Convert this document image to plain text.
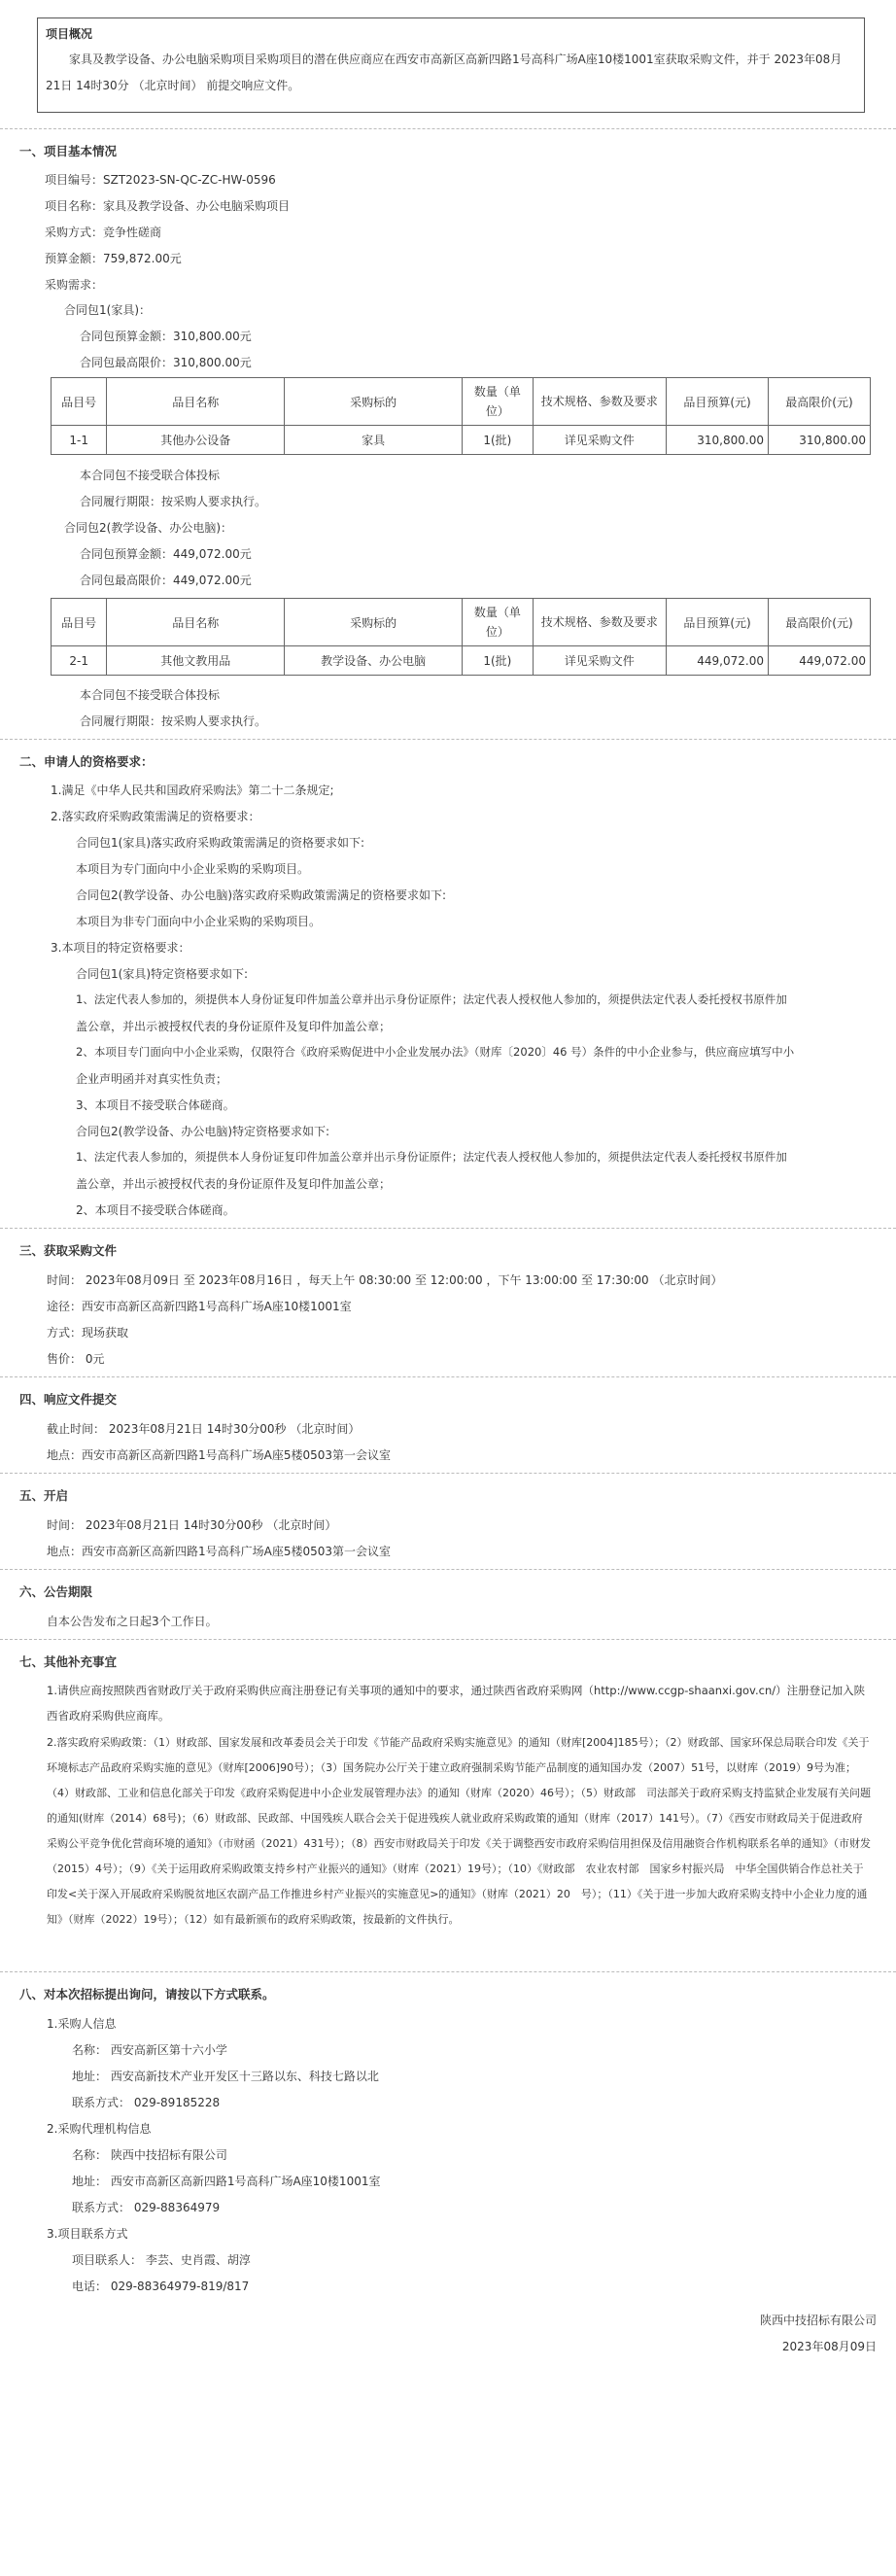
项目概况
家具及教学设备、办公电脑采购项目采购项目的潜在供应商应在西安市高新区高新四路1号高科广场A座10楼1001室获取采购文件，并于 2023年08月21日 14时30分 （北京时间） 前提交响应文件。
一、项目基本情况
项目编号：SZT2023-SN-QC-ZC-HW-0596
项目名称：家具及教学设备、办公电脑采购项目
采购方式：竞争性磋商
预算金额：759,872.00元
采购需求：
合同包1(家具)：
合同包预算金额：310,800.00元
合同包最高限价：310,800.00元
品目号	品目名称	采购标的	数量（单位）	技术规格、参数及要求	品目预算(元)	最高限价(元)
1-1	其他办公设备	家具	1(批)	详见采购文件	310,800.00	310,800.00
本合同包不接受联合体投标
合同履行期限：按采购人要求执行。
合同包2(教学设备、办公电脑)：
合同包预算金额：449,072.00元
合同包最高限价：449,072.00元
品目号	品目名称	采购标的	数量（单位）	技术规格、参数及要求	品目预算(元)	最高限价(元)
2-1	其他文教用品	教学设备、办公电脑	1(批)	详见采购文件	449,072.00	449,072.00
本合同包不接受联合体投标
合同履行期限：按采购人要求执行。
二、申请人的资格要求：
1.满足《中华人民共和国政府采购法》第二十二条规定;
2.落实政府采购政策需满足的资格要求：
合同包1(家具)落实政府采购政策需满足的资格要求如下:
本项目为专门面向中小企业采购的采购项目。
合同包2(教学设备、办公电脑)落实政府采购政策需满足的资格要求如下:
本项目为非专门面向中小企业采购的采购项目。
3.本项目的特定资格要求：
合同包1(家具)特定资格要求如下:
1、法定代表人参加的，须提供本人身份证复印件加盖公章并出示身份证原件；法定代表人授权他人参加的，须提供法定代表人委托授权书原件加
盖公章，并出示被授权代表的身份证原件及复印件加盖公章；
2、本项目专门面向中小企业采购，仅限符合《政府采购促进中小企业发展办法》（财库〔2020〕46 号）条件的中小企业参与，供应商应填写中小
企业声明函并对真实性负责；
3、本项目不接受联合体磋商。
合同包2(教学设备、办公电脑)特定资格要求如下:
1、法定代表人参加的，须提供本人身份证复印件加盖公章并出示身份证原件；法定代表人授权他人参加的，须提供法定代表人委托授权书原件加
盖公章，并出示被授权代表的身份证原件及复印件加盖公章；
2、本项目不接受联合体磋商。
三、获取采购文件
时间： 2023年08月09日 至 2023年08月16日 ，每天上午 08:30:00 至 12:00:00 ，下午 13:00:00 至 17:30:00 （北京时间）
途径：西安市高新区高新四路1号高科广场A座10楼1001室
方式：现场获取
售价： 0元
四、响应文件提交
截止时间： 2023年08月21日 14时30分00秒 （北京时间）
地点：西安市高新区高新四路1号高科广场A座5楼0503第一会议室
五、开启
时间： 2023年08月21日 14时30分00秒 （北京时间）
地点：西安市高新区高新四路1号高科广场A座5楼0503第一会议室
六、公告期限
自本公告发布之日起3个工作日。
七、其他补充事宜
1.请供应商按照陕西省财政厅关于政府采购供应商注册登记有关事项的通知中的要求，通过陕西省政府采购网（http://www.ccgp-shaanxi.gov.cn/）注册登记加入陕西省政府采购供应商库。
2.落实政府采购政策：（1）财政部、国家发展和改革委员会关于印发《节能产品政府采购实施意见》的通知（财库[2004]185号）；（2）财政部、国家环保总局联合印发《关于环境标志产品政府采购实施的意见》（财库[2006]90号）；（3）国务院办公厅关于建立政府强制采购节能产品制度的通知国办发（2007）51号，以财库（2019）9号为准；（4）财政部、工业和信息化部关于印发《政府采购促进中小企业发展管理办法》的通知（财库（2020）46号）；（5）财政部　司法部关于政府采购支持监狱企业发展有关问题的通知(财库（2014）68号)；（6）财政部、民政部、中国残疾人联合会关于促进残疾人就业政府采购政策的通知（财库（2017）141号）。（7）《西安市财政局关于促进政府采购公平竞争优化营商环境的通知》（市财函（2021）431号）；（8）西安市财政局关于印发《关于调整西安市政府采购信用担保及信用融资合作机构联系名单的通知》（市财发（2015）4号）；（9）《关于运用政府采购政策支持乡村产业振兴的通知》（财库（2021）19号）；（10）《财政部　农业农村部　国家乡村振兴局　中华全国供销合作总社关于印发<关于深入开展政府采购脱贫地区农副产品工作推进乡村产业振兴的实施意见>的通知》（财库（2021）20　号）；（11）《关于进一步加大政府采购支持中小企业力度的通知》（财库（2022）19号）；（12）如有最新颁布的政府采购政策，按最新的文件执行。
八、对本次招标提出询问，请按以下方式联系。
1.采购人信息
名称： 西安高新区第十六小学
地址： 西安高新技术产业开发区十三路以东、科技七路以北
联系方式： 029-89185228
2.采购代理机构信息
名称： 陕西中技招标有限公司
地址： 西安市高新区高新四路1号高科广场A座10楼1001室
联系方式： 029-88364979
3.项目联系方式
项目联系人： 李芸、史肖霞、胡淳
电话： 029-88364979-819/817
陕西中技招标有限公司
2023年08月09日
